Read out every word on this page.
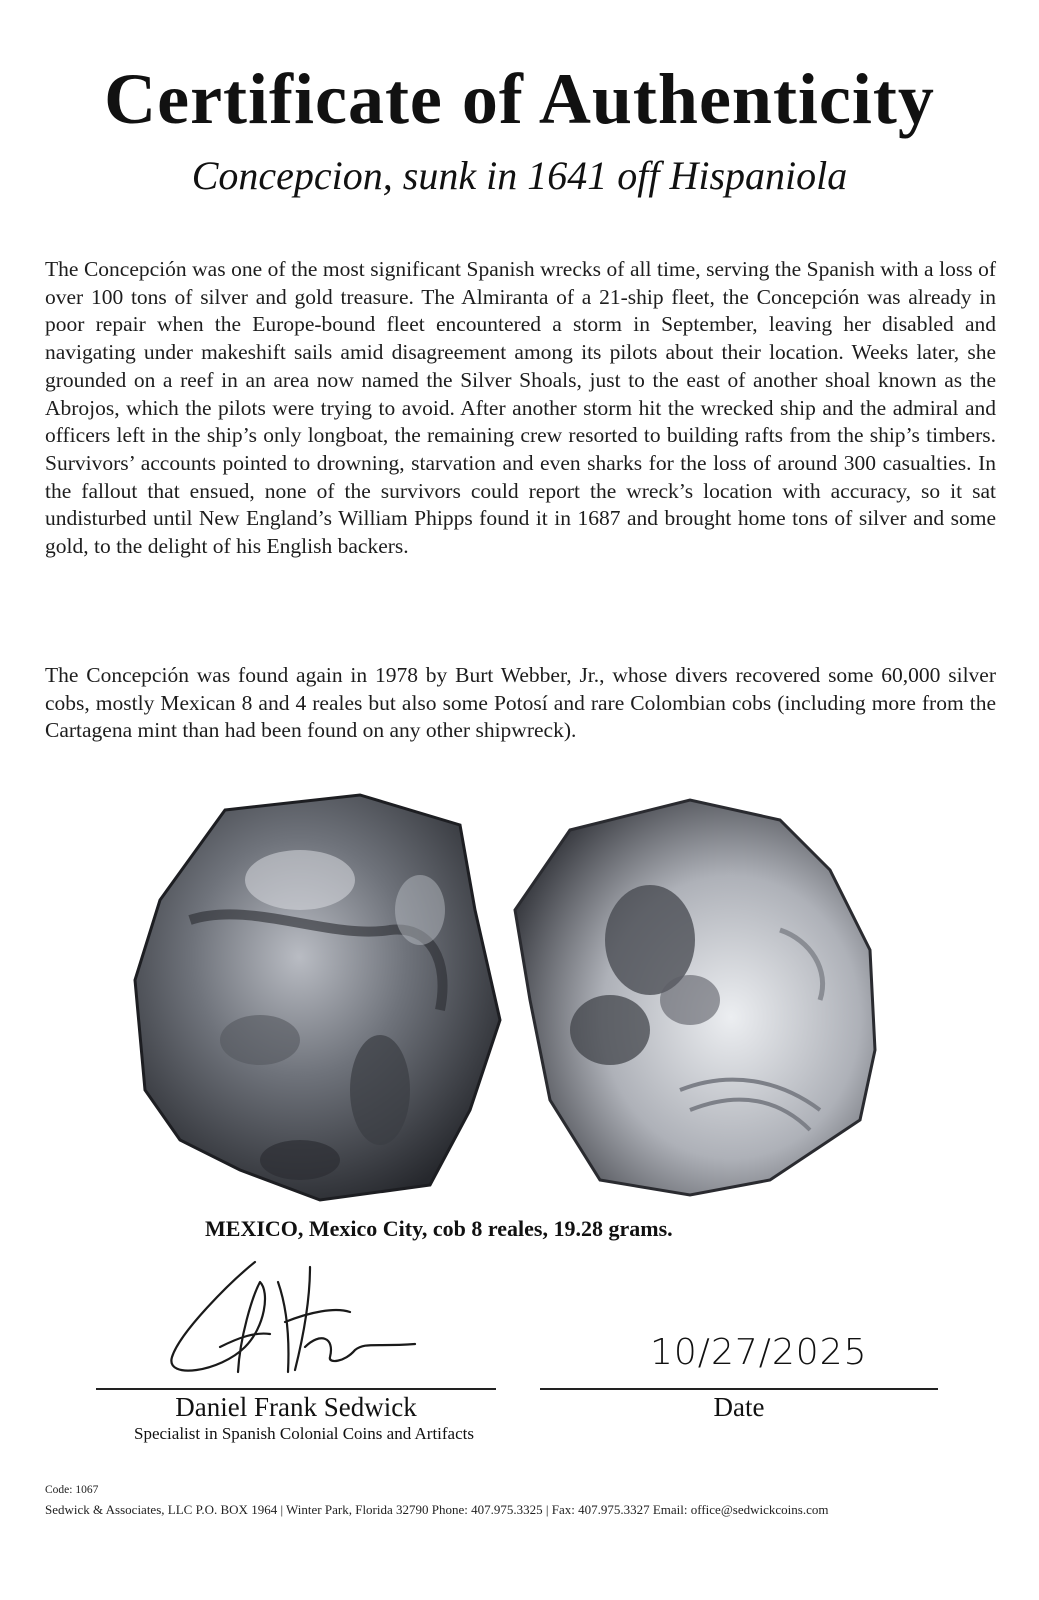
Certificate of Authenticity
Concepcion, sunk in 1641 off Hispaniola

The Concepción was one of the most significant Spanish wrecks of all time, serving the Spanish with a loss of over 100 tons of silver and gold treasure. The Almiranta of a 21-ship fleet, the Concepción was already in poor repair when the Europe-bound fleet encountered a storm in September, leaving her disabled and navigating under makeshift sails amid disagreement among its pilots about their location. Weeks later, she grounded on a reef in an area now named the Silver Shoals, just to the east of another shoal known as the Abrojos, which the pilots were trying to avoid. After another storm hit the wrecked ship and the admiral and officers left in the ship’s only longboat, the remaining crew resorted to building rafts from the ship’s timbers. Survivors’ accounts pointed to drowning, starvation and even sharks for the loss of around 300 casualties. In the fallout that ensued, none of the survivors could report the wreck’s location with accuracy, so it sat undisturbed until New England’s William Phipps found it in 1687 and brought home tons of silver and some gold, to the delight of his English backers.

The Concepción was found again in 1978 by Burt Webber, Jr., whose divers recovered some 60,000 silver cobs, mostly Mexican 8 and 4 reales but also some Potosí and rare Colombian cobs (including more from the Cartagena mint than had been found on any other shipwreck).

MEXICO, Mexico City, cob 8 reales, 19.28 grams.
10/27/2025
Daniel Frank Sedwick
Specialist in Spanish Colonial Coins and Artifacts
Date
Code: 1067
Sedwick & Associates, LLC P.O. BOX 1964 | Winter Park, Florida 32790 Phone: 407.975.3325 | Fax: 407.975.3327 Email: office@sedwickcoins.com
